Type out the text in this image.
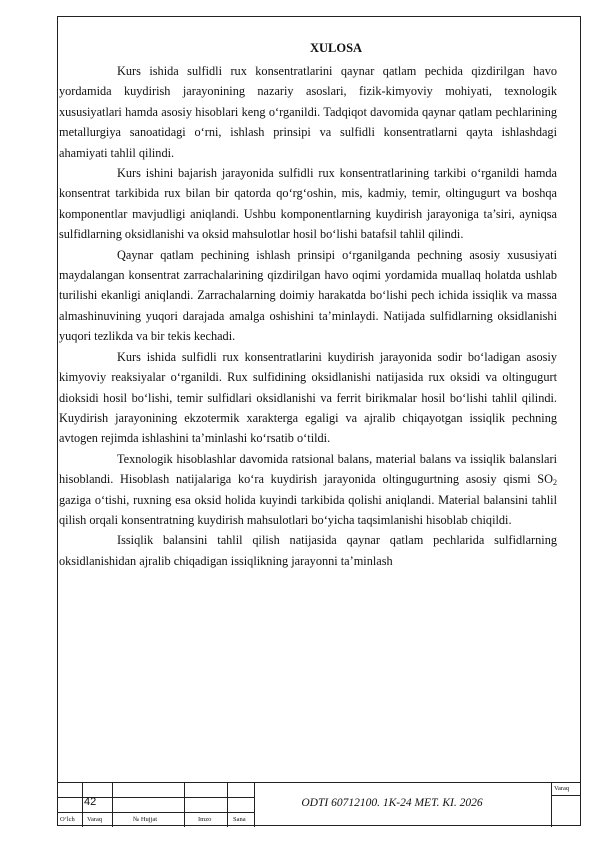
XULOSA

Kurs ishida sulfidli rux konsentratlarini qaynar qatlam pechida qizdirilgan havo yordamida kuydirish jarayonining nazariy asoslari, fizik-kimyoviy mohiyati, texnologik xususiyatlari hamda asosiy hisoblari keng o‘rganildi. Tadqiqot davomida qaynar qatlam pechlarining metallurgiya sanoatidagi o‘rni, ishlash prinsipi va sulfidli konsentratlarni qayta ishlashdagi ahamiyati tahlil qilindi.

Kurs ishini bajarish jarayonida sulfidli rux konsentratlarining tarkibi o‘rganildi hamda konsentrat tarkibida rux bilan bir qatorda qo‘rg‘oshin, mis, kadmiy, temir, oltingugurt va boshqa komponentlar mavjudligi aniqlandi. Ushbu komponentlarning kuydirish jarayoniga ta’siri, ayniqsa sulfidlarning oksidlanishi va oksid mahsulotlar hosil bo‘lishi batafsil tahlil qilindi.

Qaynar qatlam pechining ishlash prinsipi o‘rganilganda pechning asosiy xususiyati maydalangan konsentrat zarrachalarining qizdirilgan havo oqimi yordamida muallaq holatda ushlab turilishi ekanligi aniqlandi. Zarrachalarning doimiy harakatda bo‘lishi pech ichida issiqlik va massa almashinuvining yuqori darajada amalga oshishini ta’minlaydi. Natijada sulfidlarning oksidlanishi yuqori tezlikda va bir tekis kechadi.

Kurs ishida sulfidli rux konsentratlarini kuydirish jarayonida sodir bo‘ladigan asosiy kimyoviy reaksiyalar o‘rganildi. Rux sulfidining oksidlanishi natijasida rux oksidi va oltingugurt dioksidi hosil bo‘lishi, temir sulfidlari oksidlanishi va ferrit birikmalar hosil bo‘lishi tahlil qilindi. Kuydirish jarayonining ekzotermik xarakterga egaligi va ajralib chiqayotgan issiqlik pechning avtogen rejimda ishlashini ta’minlashi ko‘rsatib o‘tildi.

Texnologik hisoblashlar davomida ratsional balans, material balans va issiqlik balanslari hisoblandi. Hisoblash natijalariga ko‘ra kuydirish jarayonida oltingugurtning asosiy qismi $SO_2$ gaziga o‘tishi, ruxning esa oksid holida kuyindi tarkibida qolishi aniqlandi. Material balansini tahlil qilish orqali konsentratning kuydirish mahsulotlari bo‘yicha taqsimlanishi hisoblab chiqildi.

Issiqlik balansini tahlil qilish natijasida qaynar qatlam pechlarida sulfidlarning oksidlanishidan ajralib chiqadigan issiqlikning jarayonni ta’minlash

42
O‘lch Varaq	№ Hujjat	Imzo	Sana
ODTI 60712100. 1K-24 MET. KI. 2026
Varaq
